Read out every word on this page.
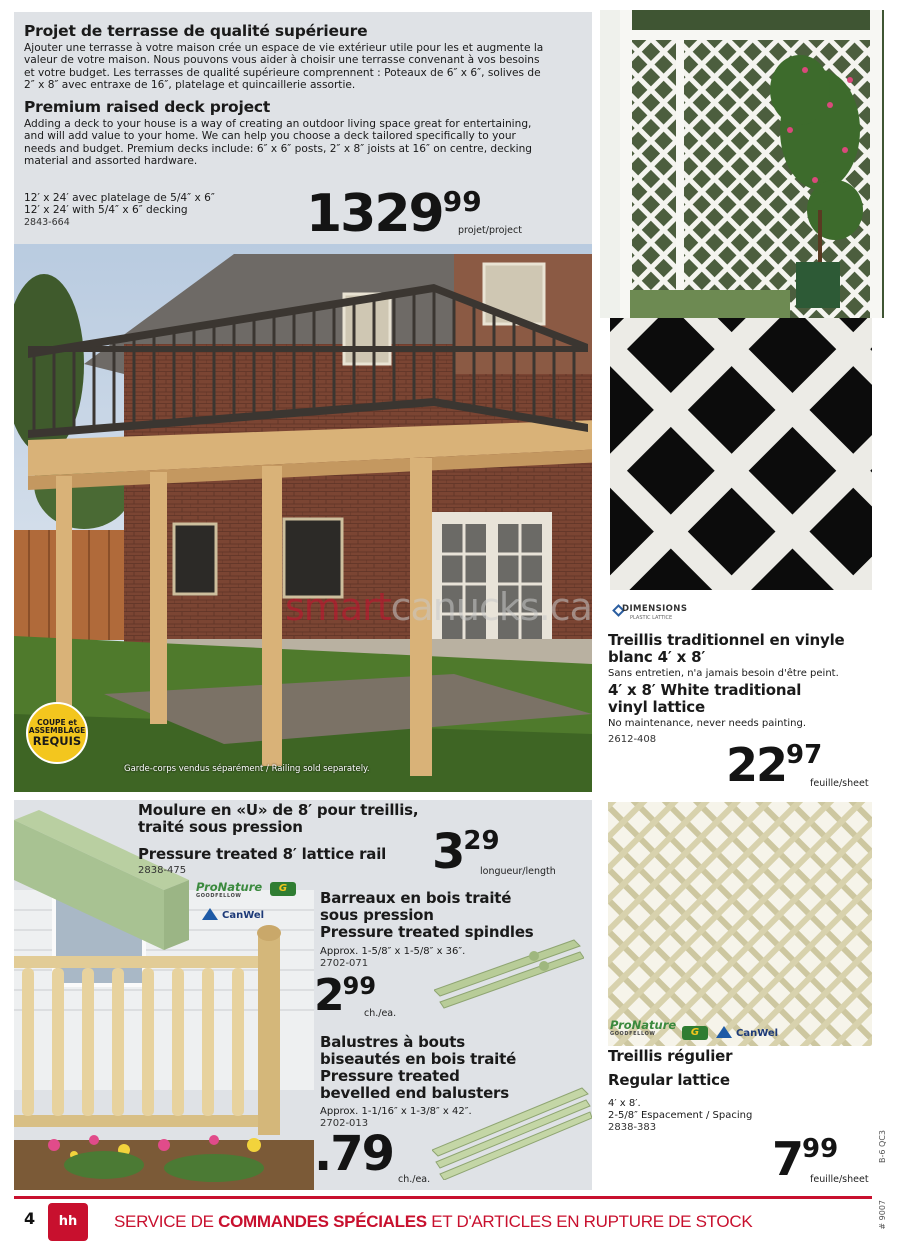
Projet de terrasse de qualité supérieure
Ajouter une terrasse à votre maison crée un espace de vie extérieur utile pour les et augmente la
valeur de votre maison. Nous pouvons vous aider à choisir une terrasse convenant à vos besoins
et votre budget. Les terrasses de qualité supérieure comprennent : Poteaux de 6″ x 6″, solives de
2″ x 8″ avec entraxe de 16″, platelage et quincaillerie assortie.
Premium raised deck project
Adding a deck to your house is a way of creating an outdoor living space great for entertaining,
and will add value to your home. We can help you choose a deck tailored specifically to your
needs and budget. Premium decks include: 6″ x 6″ posts, 2″ x 8″ joists at 16″ on centre, decking
material and assorted hardware.
12′ x 24′ avec platelage de 5/4″ x 6″
12′ x 24′ with 5/4″ x 6″ decking
2843-664	132999
projet/project
COUPE et
ASSEMBLAGE
REQUIS
Garde-corps vendus séparément / Railing sold separately.
smartcanucks.ca	DIMENSIONS
PLASTIC LATTICE
Treillis traditionnel en vinyle
blanc 4′ x 8′
Sans entretien, n'a jamais besoin d'être peint.
4′ x 8′ White traditional
vinyl lattice
No maintenance, never needs painting.
2612-408 2297
feuille/sheet
ProNature
GOODFELLOW
G
CanWel
Moulure en «U» de 8′ pour treillis,
traité sous pression
Pressure treated 8′ lattice rail
2838-475	329
longueur/length
Barreaux en bois traité
sous pression
Pressure treated spindles
Approx. 1-5/8″ x 1-5/8″ x 36″.
2702-071
299
ch./ea.
Balustres à bouts
biseautés en bois traité
Pressure treated
bevelled end balusters
Approx. 1-1/16″ x 1-3/8″ x 42″.
2702-013
.79 ch./ea.
ProNature
GOODFELLOW	G	CanWel
Treillis régulier
Regular lattice
4′ x 8′.
2-5/8″ Espacement / Spacing
2838-383
799
feuille/sheet
B-6 QC3
# 9007
4	hh	SERVICE DE COMMANDES SPÉCIALES ET D'ARTICLES EN RUPTURE DE STOCK
